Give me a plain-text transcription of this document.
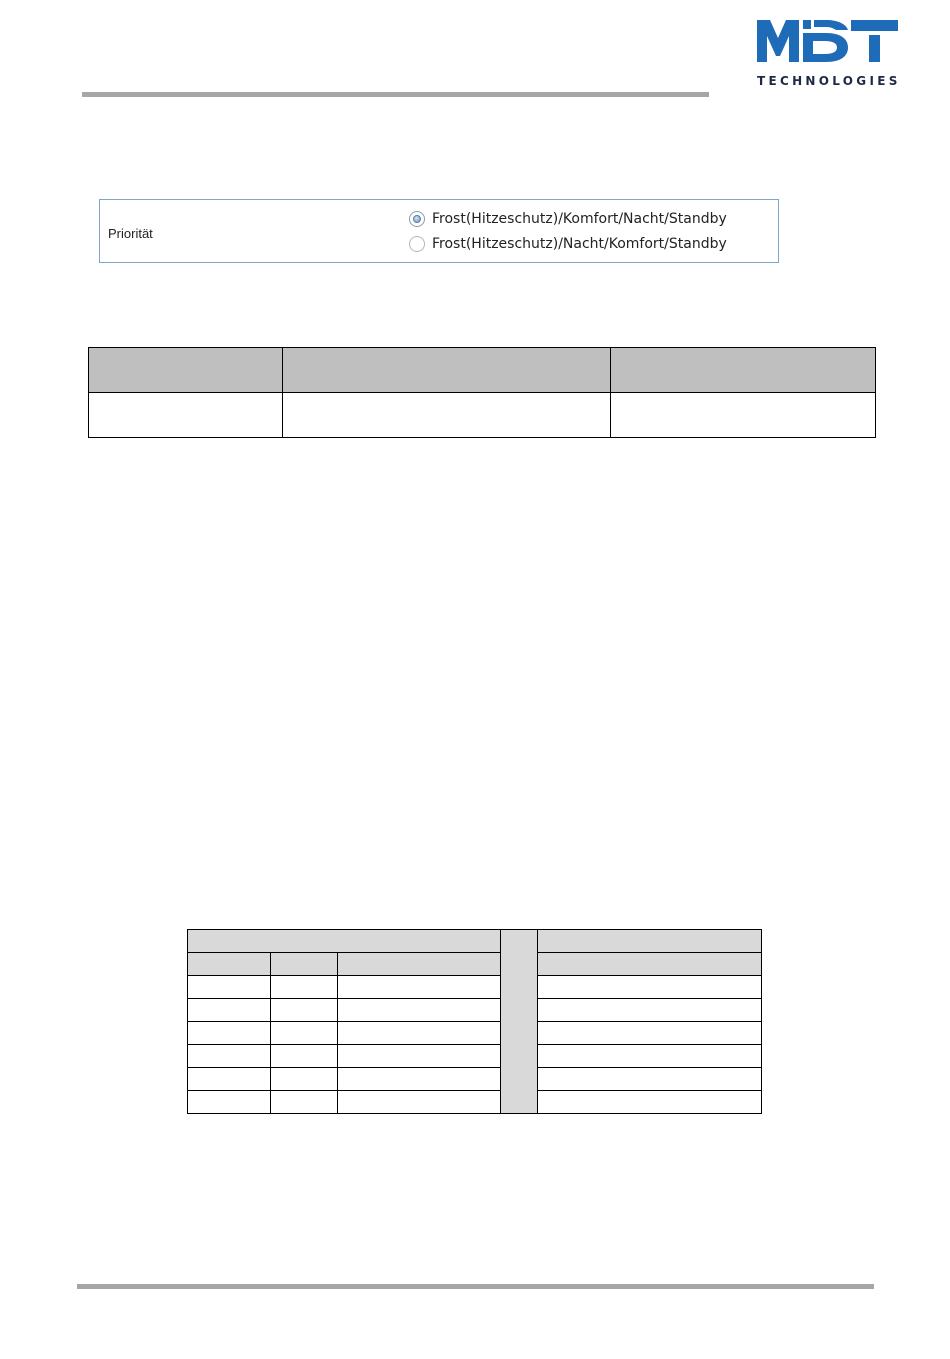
TECHNOLOGIES
Priorität
Frost(Hitzeschutz)/Komfort/Nacht/Standby
Frost(Hitzeschutz)/Nacht/Komfort/Standby
